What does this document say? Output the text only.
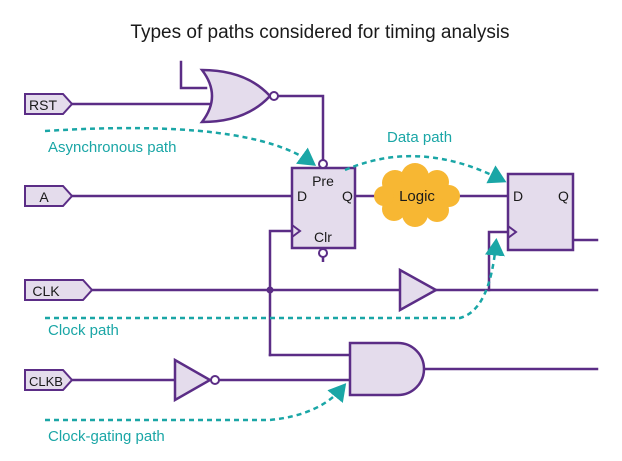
Types of paths considered for timing analysis
RST
A
CLK
CLKB
D Q
Pre
Clr
Logic	D Q
Asynchronous path
Data path
Clock path
Clock-gating path
